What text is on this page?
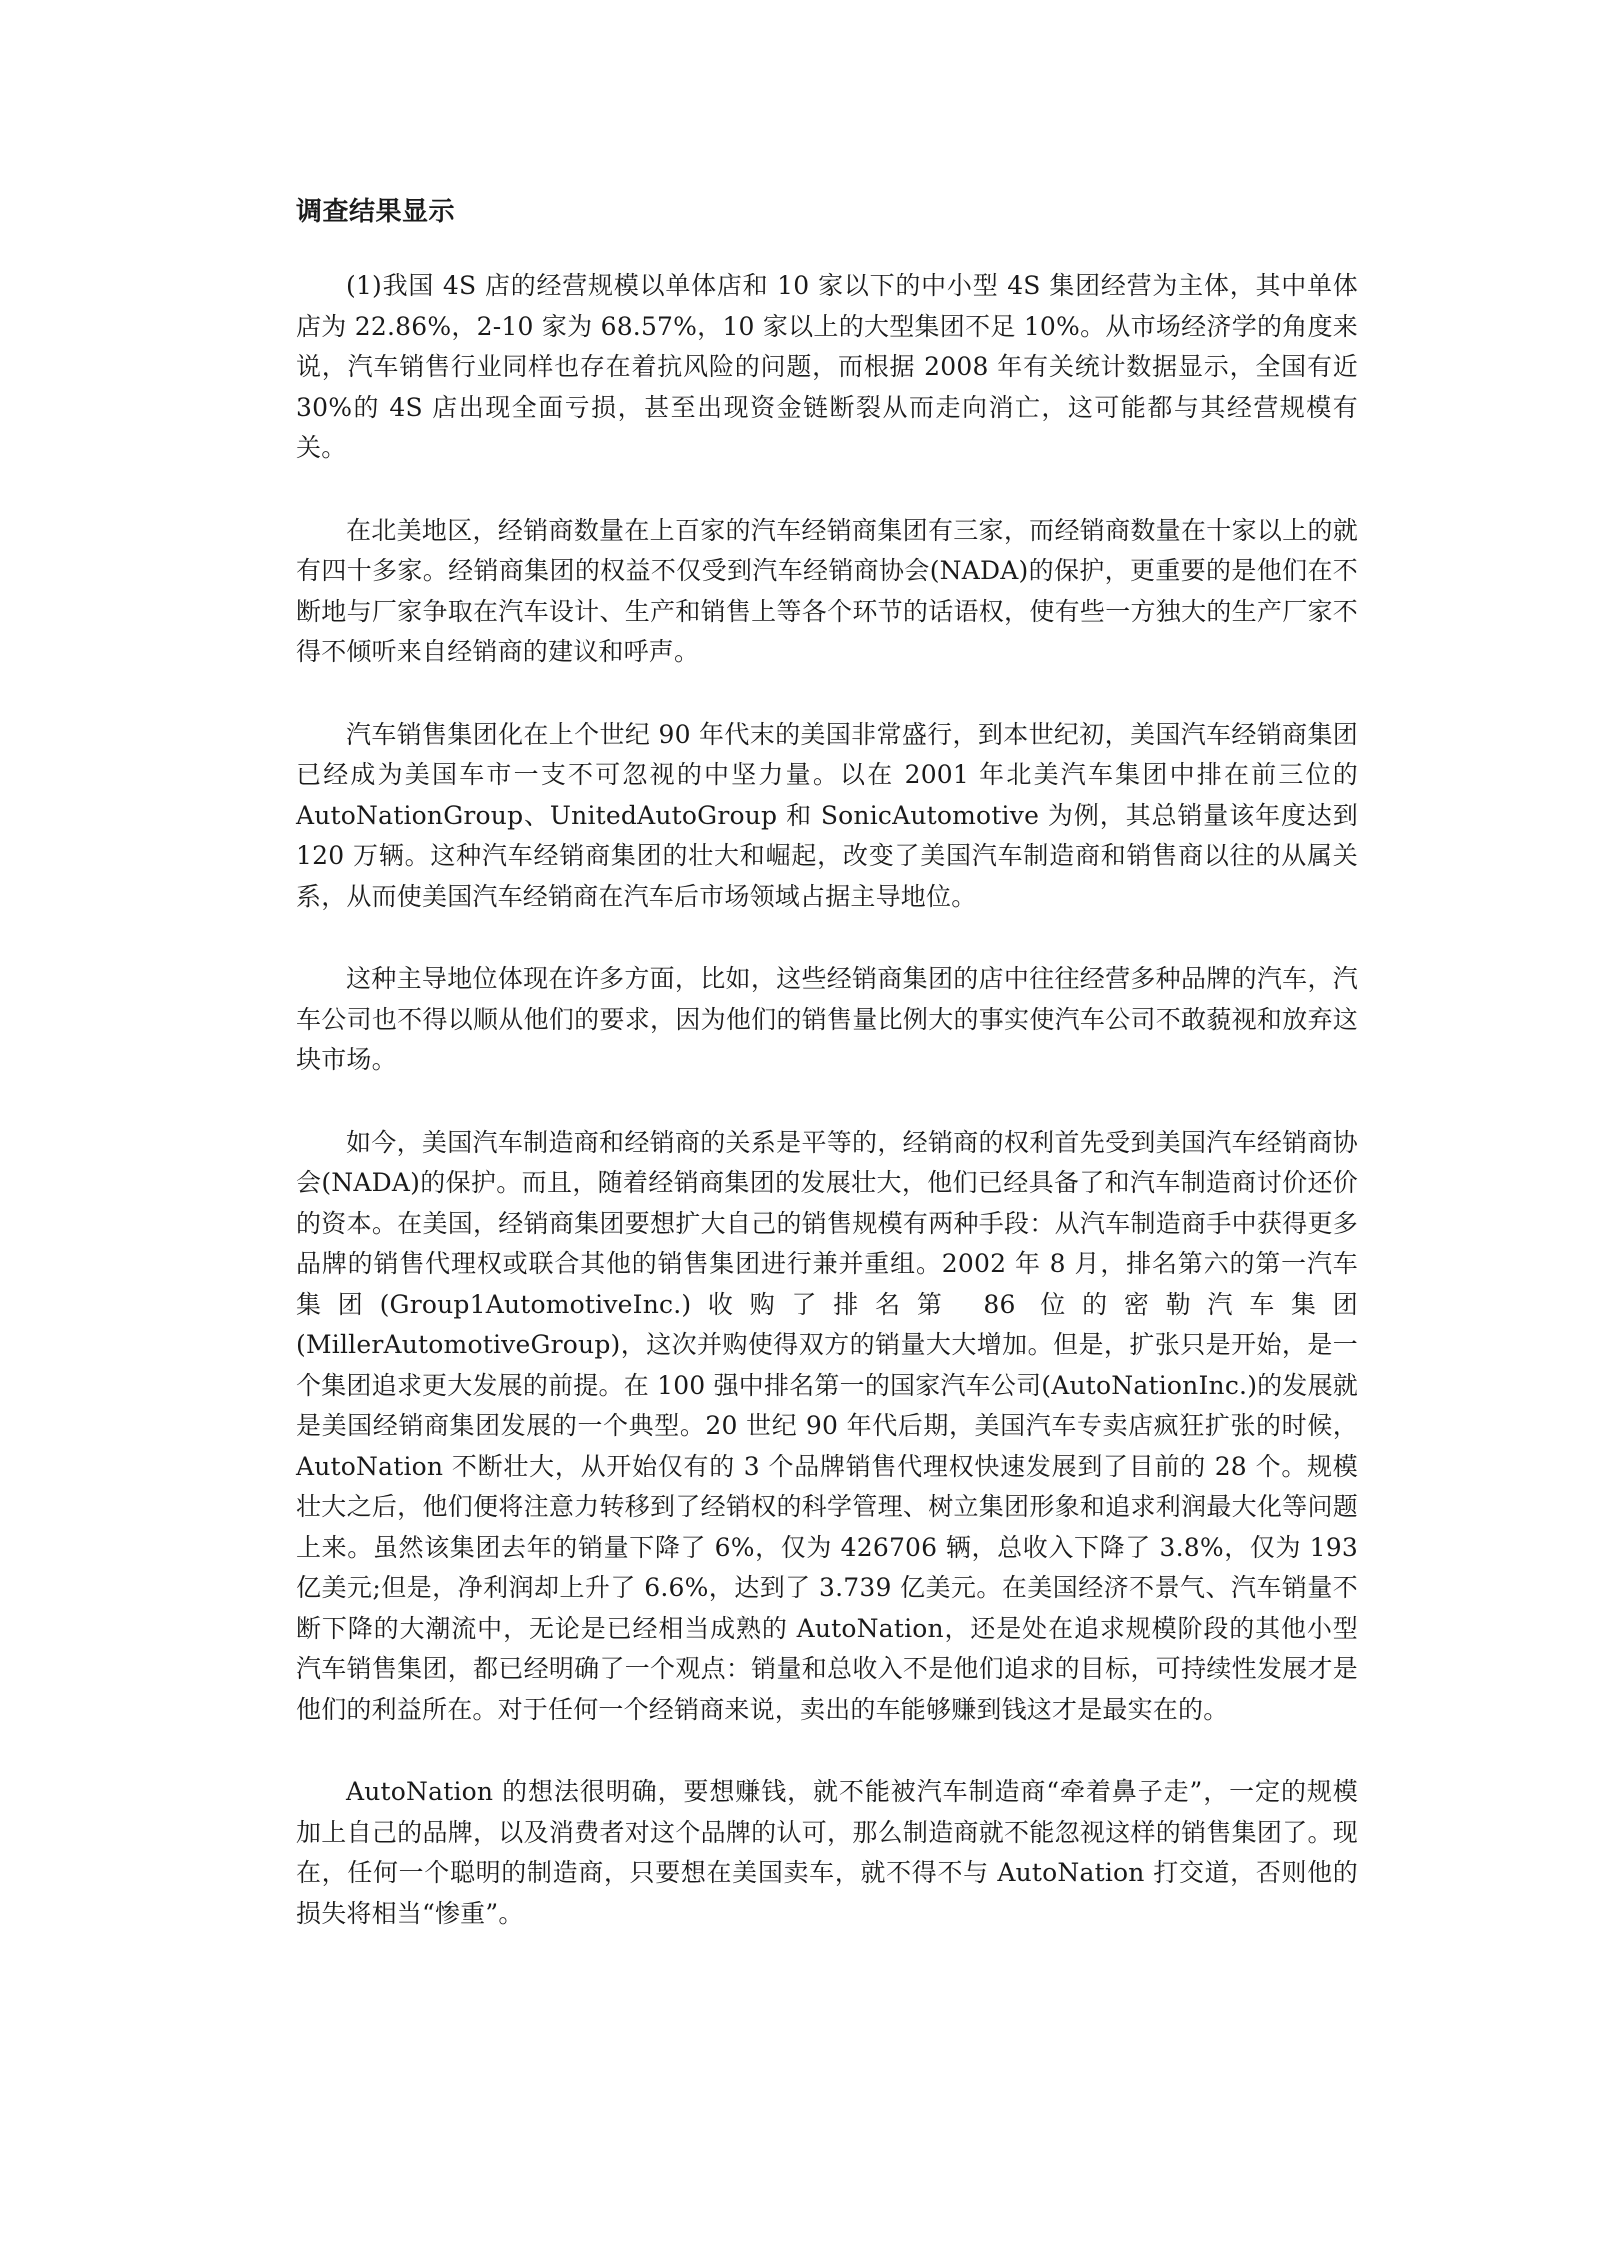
调查结果显示

(1)我国 4S 店的经营规模以单体店和 10 家以下的中小型 4S 集团经营为主体，其中单体店为 22.86%，2-10 家为 68.57%，10 家以上的大型集团不足 10%。从市场经济学的角度来说，汽车销售行业同样也存在着抗风险的问题，而根据 2008 年有关统计数据显示，全国有近 30%的 4S 店出现全面亏损，甚至出现资金链断裂从而走向消亡，这可能都与其经营规模有关。

在北美地区，经销商数量在上百家的汽车经销商集团有三家，而经销商数量在十家以上的就有四十多家。经销商集团的权益不仅受到汽车经销商协会(NADA)的保护，更重要的是他们在不断地与厂家争取在汽车设计、生产和销售上等各个环节的话语权，使有些一方独大的生产厂家不得不倾听来自经销商的建议和呼声。

汽车销售集团化在上个世纪 90 年代末的美国非常盛行，到本世纪初，美国汽车经销商集团已经成为美国车市一支不可忽视的中坚力量。以在 2001 年北美汽车集团中排在前三位的 AutoNationGroup、UnitedAutoGroup 和 SonicAutomotive 为例，其总销量该年度达到 120 万辆。这种汽车经销商集团的壮大和崛起，改变了美国汽车制造商和销售商以往的从属关系，从而使美国汽车经销商在汽车后市场领域占据主导地位。

这种主导地位体现在许多方面，比如，这些经销商集团的店中往往经营多种品牌的汽车，汽车公司也不得以顺从他们的要求，因为他们的销售量比例大的事实使汽车公司不敢藐视和放弃这块市场。

如今，美国汽车制造商和经销商的关系是平等的，经销商的权利首先受到美国汽车经销商协会(NADA)的保护。而且，随着经销商集团的发展壮大，他们已经具备了和汽车制造商讨价还价的资本。在美国，经销商集团要想扩大自己的销售规模有两种手段：从汽车制造商手中获得更多品牌的销售代理权或联合其他的销售集团进行兼并重组。2002 年 8 月，排名第六的第一汽车集团(Group1AutomotiveInc.)收购了排名第 86 位的密勒汽车集团(MillerAutomotiveGroup)，这次并购使得双方的销量大大增加。但是，扩张只是开始，是一个集团追求更大发展的前提。在 100 强中排名第一的国家汽车公司(AutoNationInc.)的发展就是美国经销商集团发展的一个典型。20 世纪 90 年代后期，美国汽车专卖店疯狂扩张的时候，AutoNation 不断壮大，从开始仅有的 3 个品牌销售代理权快速发展到了目前的 28 个。规模壮大之后，他们便将注意力转移到了经销权的科学管理、树立集团形象和追求利润最大化等问题上来。虽然该集团去年的销量下降了 6%，仅为 426706 辆，总收入下降了 3.8%，仅为 193 亿美元;但是，净利润却上升了 6.6%，达到了 3.739 亿美元。在美国经济不景气、汽车销量不断下降的大潮流中，无论是已经相当成熟的 AutoNation，还是处在追求规模阶段的其他小型汽车销售集团，都已经明确了一个观点：销量和总收入不是他们追求的目标，可持续性发展才是他们的利益所在。对于任何一个经销商来说，卖出的车能够赚到钱这才是最实在的。

AutoNation 的想法很明确，要想赚钱，就不能被汽车制造商“牵着鼻子走”，一定的规模加上自己的品牌，以及消费者对这个品牌的认可，那么制造商就不能忽视这样的销售集团了。现在，任何一个聪明的制造商，只要想在美国卖车，就不得不与 AutoNation 打交道，否则他的损失将相当“惨重”。
